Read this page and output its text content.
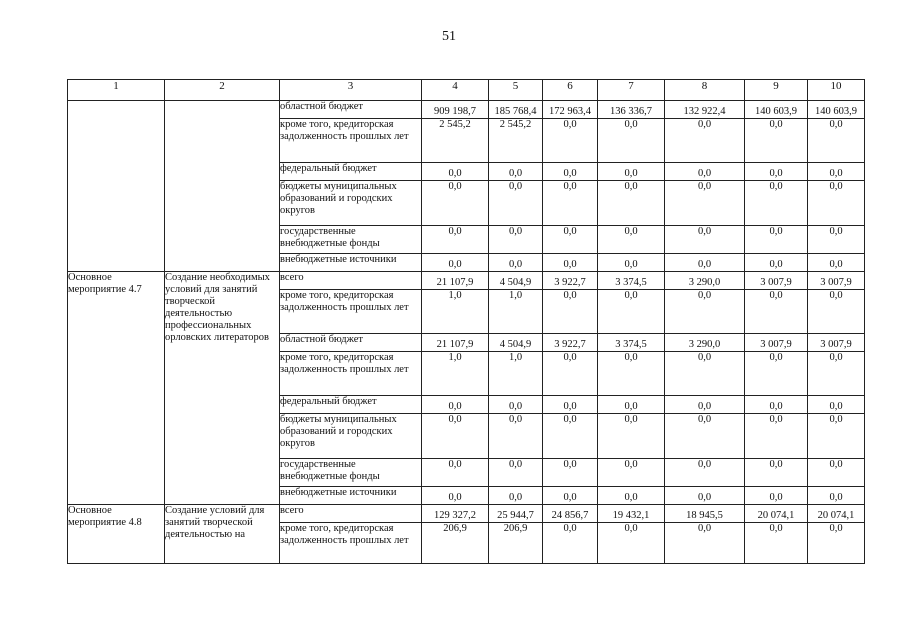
51
1	2	3	4	5	6	7	8	9	10
		областной бюджет	909 198,7	185 768,4	172 963,4	136 336,7	132 922,4	140 603,9	140 603,9
		кроме того, кредиторская задолженность прошлых лет	2 545,2	2 545,2	0,0	0,0	0,0	0,0	0,0
		федеральный бюджет	0,0	0,0	0,0	0,0	0,0	0,0	0,0
		бюджеты муниципальных образований и городских округов	0,0	0,0	0,0	0,0	0,0	0,0	0,0
		государственные внебюджетные фонды	0,0	0,0	0,0	0,0	0,0	0,0	0,0
		внебюджетные источники	0,0	0,0	0,0	0,0	0,0	0,0	0,0
Основное мероприятие 4.7	Создание необходимых условий для занятий творческой деятельностью профессиональных орловских литераторов	всего	21 107,9	4 504,9	3 922,7	3 374,5	3 290,0	3 007,9	3 007,9
		кроме того, кредиторская задолженность прошлых лет	1,0	1,0	0,0	0,0	0,0	0,0	0,0
		областной бюджет	21 107,9	4 504,9	3 922,7	3 374,5	3 290,0	3 007,9	3 007,9
		кроме того, кредиторская задолженность прошлых лет	1,0	1,0	0,0	0,0	0,0	0,0	0,0
		федеральный бюджет	0,0	0,0	0,0	0,0	0,0	0,0	0,0
		бюджеты муниципальных образований и городских округов	0,0	0,0	0,0	0,0	0,0	0,0	0,0
		государственные внебюджетные фонды	0,0	0,0	0,0	0,0	0,0	0,0	0,0
		внебюджетные источники	0,0	0,0	0,0	0,0	0,0	0,0	0,0
Основное мероприятие 4.8	Создание условий для занятий творческой деятельностью на	всего	129 327,2	25 944,7	24 856,7	19 432,1	18 945,5	20 074,1	20 074,1
		кроме того, кредиторская задолженность прошлых лет	206,9	206,9	0,0	0,0	0,0	0,0	0,0
